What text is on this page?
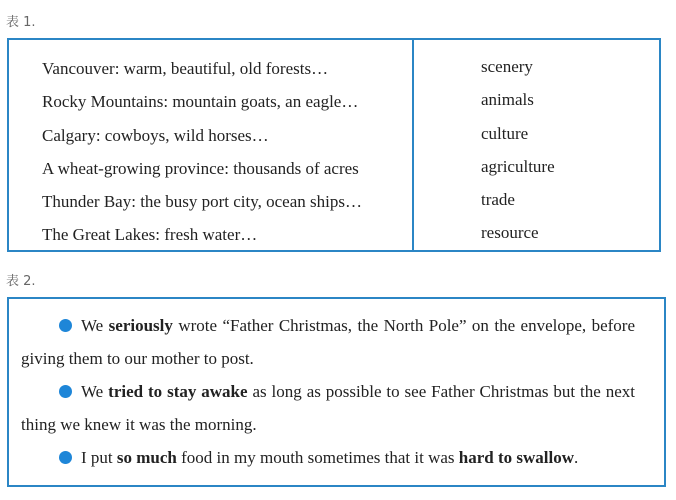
表 1.
Vancouver: warm, beautiful, old forests…
Rocky Mountains: mountain goats, an eagle…
Calgary: cowboys, wild horses…
A wheat-growing province: thousands of acres
Thunder Bay: the busy port city, ocean ships…
The Great Lakes: fresh water…
scenery
animals
culture
agriculture
trade
resource
表 2.
We seriously wrote “Father Christmas, the North Pole” on the envelope, before giving them to our mother to post.
We tried to stay awake as long as possible to see Father Christmas but the next thing we knew it was the morning.
I put so much food in my mouth sometimes that it was hard to swallow.
